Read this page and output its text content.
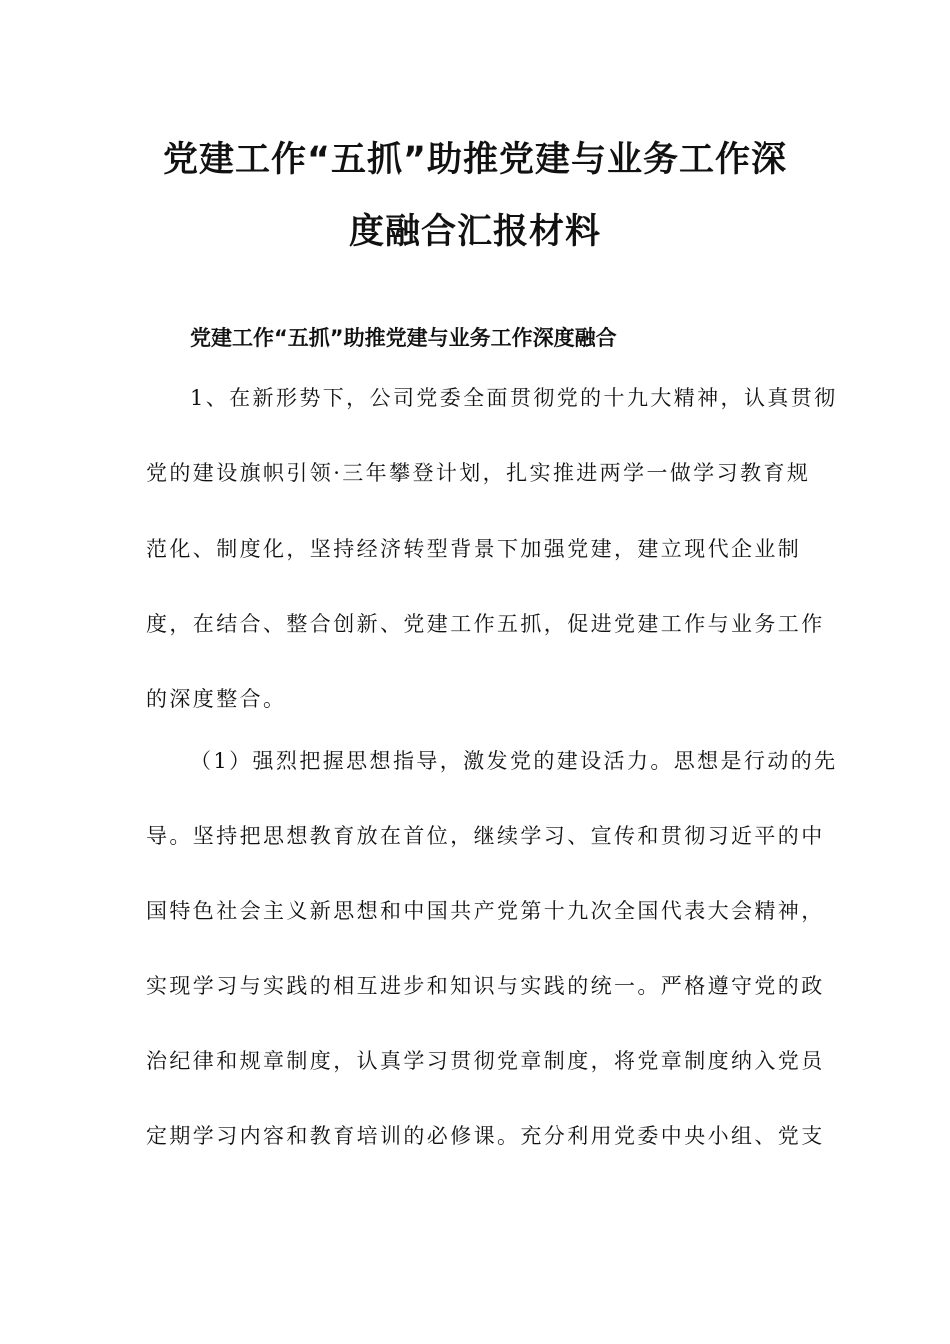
党建工作“五抓”助推党建与业务工作深
度融合汇报材料
党建工作“五抓”助推党建与业务工作深度融合
1、在新形势下，公司党委全面贯彻党的十九大精神，认真贯彻
党的建设旗帜引领·三年攀登计划，扎实推进两学一做学习教育规
范化、制度化，坚持经济转型背景下加强党建，建立现代企业制
度，在结合、整合创新、党建工作五抓，促进党建工作与业务工作
的深度整合。
（1）强烈把握思想指导，激发党的建设活力。思想是行动的先
导。坚持把思想教育放在首位，继续学习、宣传和贯彻习近平的中
国特色社会主义新思想和中国共产党第十九次全国代表大会精神，
实现学习与实践的相互进步和知识与实践的统一。严格遵守党的政
治纪律和规章制度，认真学习贯彻党章制度，将党章制度纳入党员
定期学习内容和教育培训的必修课。充分利用党委中央小组、党支
